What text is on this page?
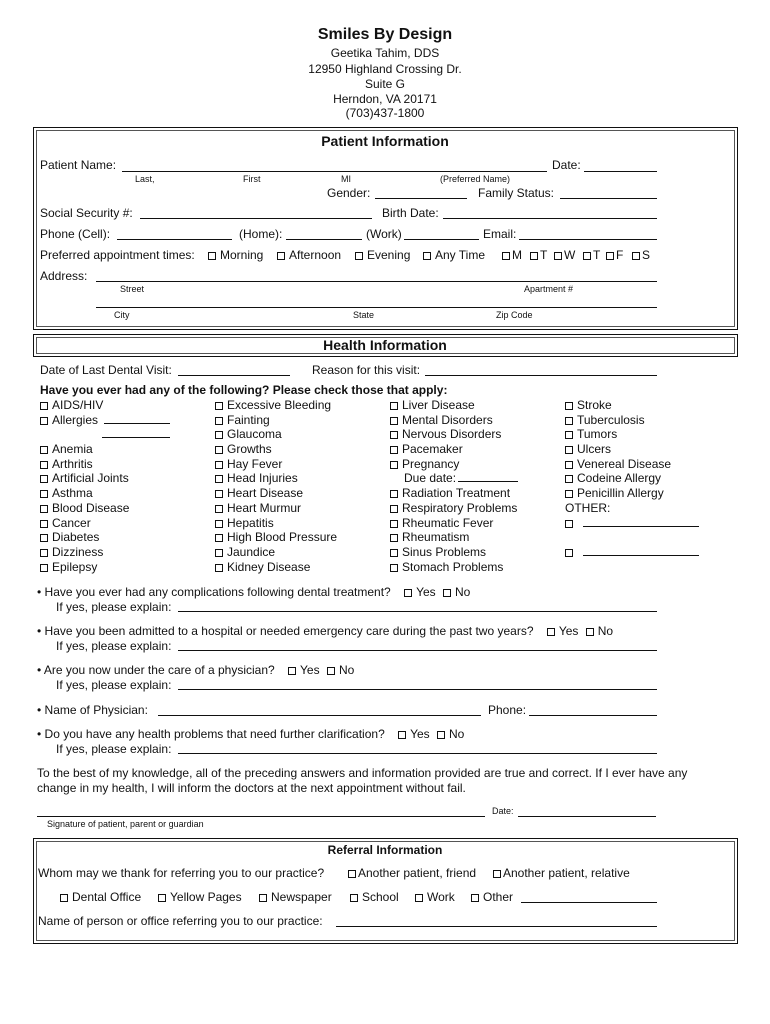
Smiles By Design
Geetika Tahim, DDS
12950 Highland Crossing Dr.
Suite G
Herndon, VA 20171
(703)437-1800
Patient Information
Patient Name:	Date:
Last,	First	MI	(Preferred Name)
Gender:	Family Status:
Social Security #:	Birth Date:
Phone (Cell):	(Home):	(Work)	Email:
Preferred appointment times:	Morning	Afternoon	Evening	Any Time	M	T	W	T	F	S
Address:
Street	Apartment #
City	State	Zip Code
Health Information
Date of Last Dental Visit:	Reason for this visit:
Have you ever had any of the following? Please check those that apply:
AIDS/HIV
Allergies
Anemia
Arthritis
Artificial Joints
Asthma
Blood Disease
Cancer
Diabetes
Dizziness
Epilepsy
Excessive Bleeding
Fainting
Glaucoma
Growths
Hay Fever
Head Injuries
Heart Disease
Heart Murmur
Hepatitis
High Blood Pressure
Jaundice
Kidney Disease
Liver Disease
Mental Disorders
Nervous Disorders
Pacemaker
Pregnancy
Due date:
Radiation Treatment
Respiratory Problems
Rheumatic Fever
Rheumatism
Sinus Problems
Stomach Problems
Stroke
Tuberculosis
Tumors
Ulcers
Venereal Disease
Codeine Allergy
Penicillin Allergy
OTHER:
• Have you ever had any complications following dental treatment? Yes No
If yes, please explain:
• Have you been admitted to a hospital or needed emergency care during the past two years? Yes No
If yes, please explain:
• Are you now under the care of a physician? Yes No
If yes, please explain:
• Name of Physician:	Phone:
• Do you have any health problems that need further clarification? Yes No
If yes, please explain:
To the best of my knowledge, all of the preceding answers and information provided are true and correct. If I ever have any change in my health, I will inform the doctors at the next appointment without fail.
Date:
Signature of patient, parent or guardian
Referral Information
Whom may we thank for referring you to our practice?	Another patient, friend	Another patient, relative
Dental Office	Yellow Pages	Newspaper	School	Work	Other
Name of person or office referring you to our practice:
